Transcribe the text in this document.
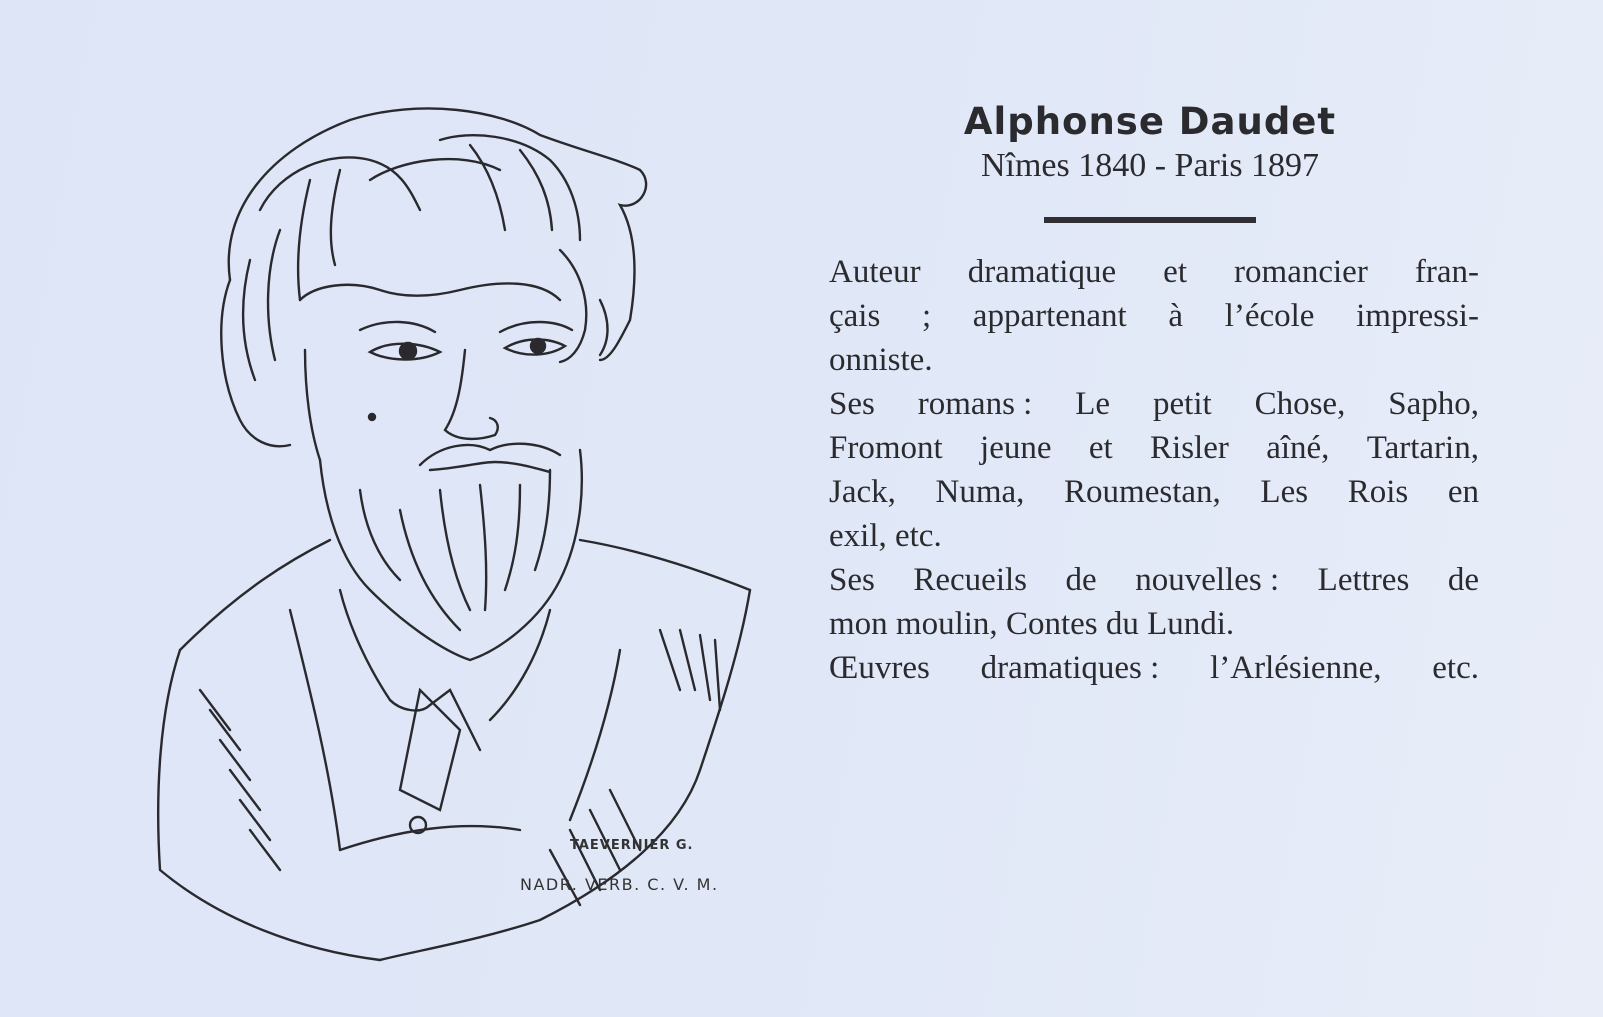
TAEVERNIER G.
NADR. VERB. C. V. M.
Alphonse Daudet
Nîmes 1840 - Paris 1897
Auteur dramatique et romancier fran-
çais ; appartenant à l’école impressi-
onniste.
Ses romans : Le petit Chose, Sapho,
Fromont jeune et Risler aîné, Tartarin,
Jack, Numa, Roumestan, Les Rois en
exil,
etc.
Ses Recueils de nouvelles : Lettres de
mon
moulin,
Contes
du
Lundi.
Œuvres dramatiques : l’Arlésienne, etc.
